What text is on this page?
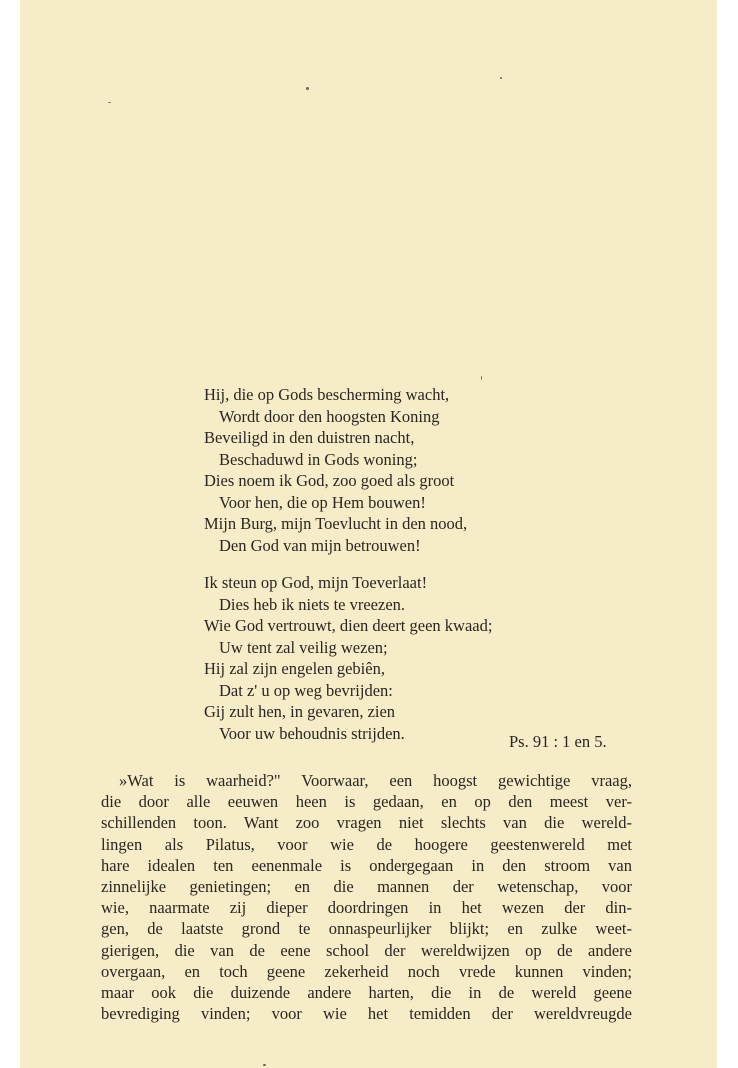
Hij, die op Gods bescherming wacht,
Wordt door den hoogsten Koning
Beveiligd in den duistren nacht,
Beschaduwd in Gods woning;
Dies noem ik God, zoo goed als groot
Voor hen, die op Hem bouwen!
Mijn Burg, mijn Toevlucht in den nood,
Den God van mijn betrouwen!
Ik steun op God, mijn Toeverlaat!
Dies heb ik niets te vreezen.
Wie God vertrouwt, dien deert geen kwaad;
Uw tent zal veilig wezen;
Hij zal zijn engelen gebiên,
Dat z' u op weg bevrijden:
Gij zult hen, in gevaren, zien
Voor uw behoudnis strijden.	Ps. 91 : 1 en 5.
»Wat is waarheid?" Voorwaar, een hoogst gewichtige vraag,
die door alle eeuwen heen is gedaan, en op den meest ver-
schillenden toon. Want zoo vragen niet slechts van die wereld-
lingen als Pilatus, voor wie de hoogere geestenwereld met
hare idealen ten eenenmale is ondergegaan in den stroom van
zinnelijke genietingen; en die mannen der wetenschap, voor
wie, naarmate zij dieper doordringen in het wezen der din-
gen, de laatste grond te onnaspeurlijker blijkt; en zulke weet-
gierigen, die van de eene school der wereldwijzen op de andere
overgaan, en toch geene zekerheid noch vrede kunnen vinden;
maar ook die duizende andere harten, die in de wereld geene
bevrediging vinden; voor wie het temidden der wereldvreugde
